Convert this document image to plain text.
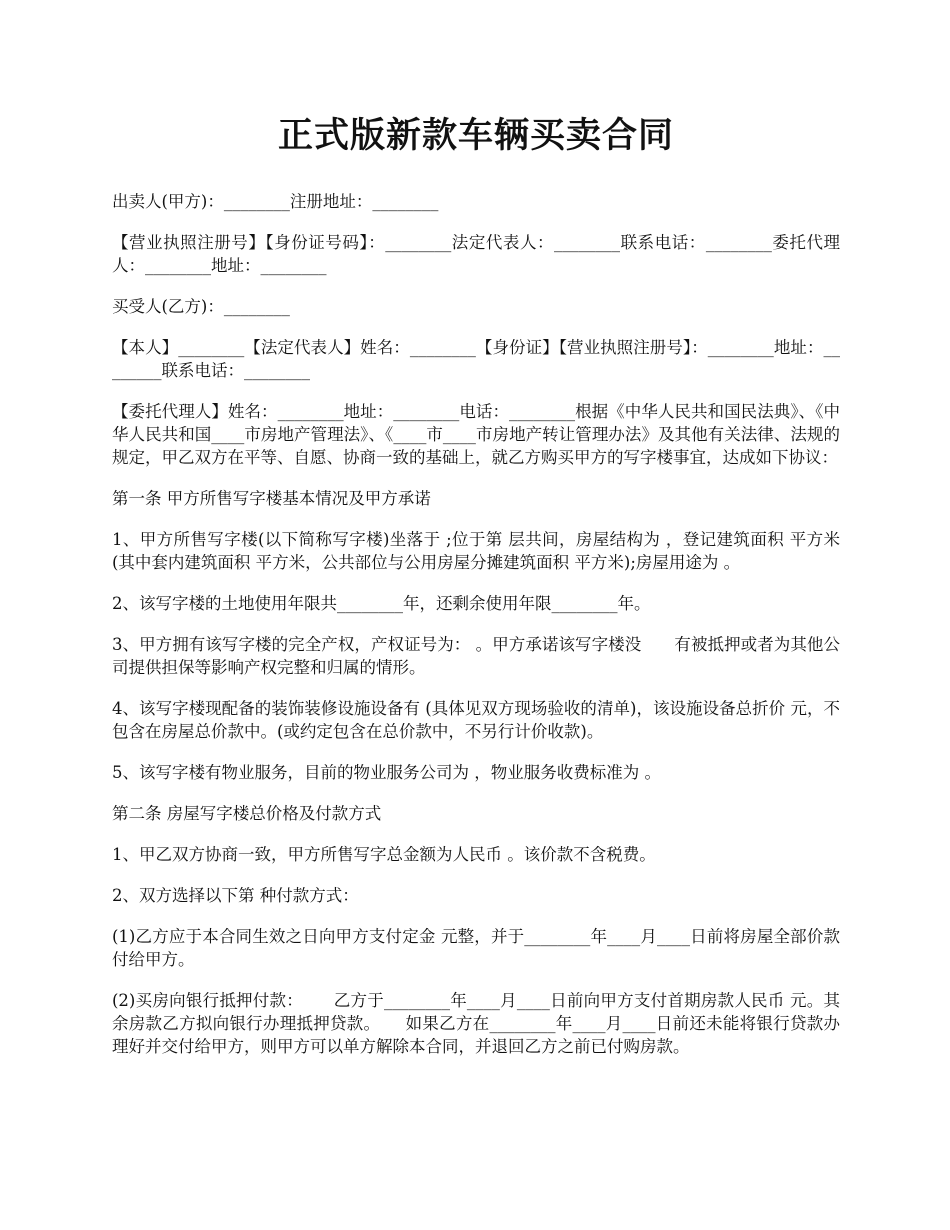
正式版新款车辆买卖合同

出卖人(甲方)：________注册地址：________

【营业执照注册号】【身份证号码】：________法定代表人：________联系电话：________委托代理人：________地址：________

买受人(乙方)：________

【本人】________【法定代表人】姓名：________【身份证】【营业执照注册号】：________地址：________联系电话：________

【委托代理人】姓名：________地址：________电话：________根据《中华人民共和国民法典》、《中华人民共和国____市房地产管理法》、《____市____市房地产转让管理办法》及其他有关法律、法规的规定，甲乙双方在平等、自愿、协商一致的基础上，就乙方购买甲方的写字楼事宜，达成如下协议：

第一条 甲方所售写字楼基本情况及甲方承诺

1、甲方所售写字楼(以下简称写字楼)坐落于 ;位于第 层共间，房屋结构为 ，登记建筑面积 平方米(其中套内建筑面积 平方米，公共部位与公用房屋分摊建筑面积 平方米);房屋用途为 。

2、该写字楼的土地使用年限共________年，还剩余使用年限________年。

3、甲方拥有该写字楼的完全产权，产权证号为： 。甲方承诺该写字楼没　　有被抵押或者为其他公司提供担保等影响产权完整和归属的情形。

4、该写字楼现配备的装饰装修设施设备有 (具体见双方现场验收的清单)，该设施设备总折价 元，不包含在房屋总价款中。(或约定包含在总价款中，不另行计价收款)。

5、该写字楼有物业服务，目前的物业服务公司为 ，物业服务收费标准为 。

第二条 房屋写字楼总价格及付款方式

1、甲乙双方协商一致，甲方所售写字总金额为人民币 。该价款不含税费。

2、双方选择以下第 种付款方式：

(1)乙方应于本合同生效之日向甲方支付定金 元整，并于________年____月____日前将房屋全部价款付给甲方。

(2)买房向银行抵押付款：　　 乙方于________年____月____日前向甲方支付首期房款人民币 元。其余房款乙方拟向银行办理抵押贷款。　　如果乙方在________年____月____日前还未能将银行贷款办理好并交付给甲方，则甲方可以单方解除本合同，并退回乙方之前已付购房款。
